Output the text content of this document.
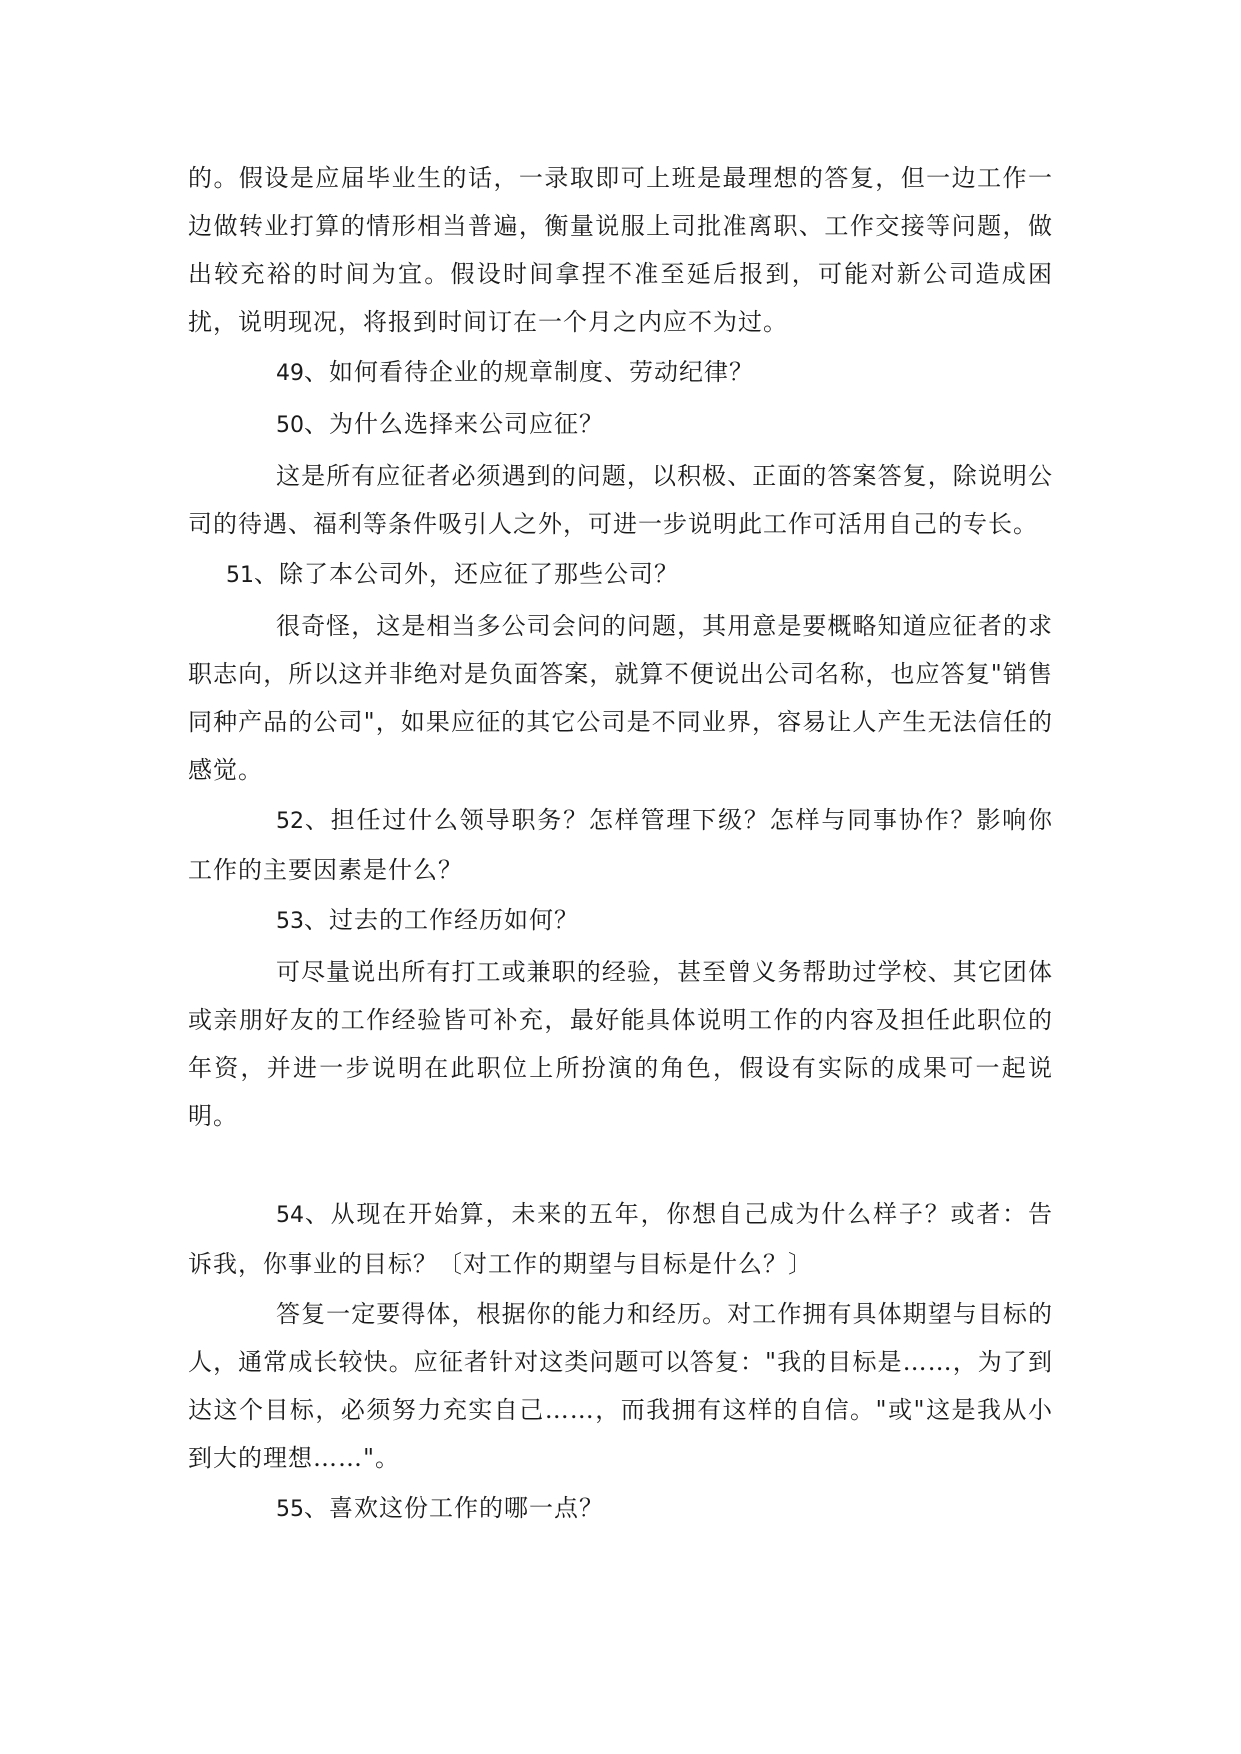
的。假设是应届毕业生的话，一录取即可上班是最理想的答复，但一边工作一边做转业打算的情形相当普遍，衡量说服上司批准离职、工作交接等问题，做出较充裕的时间为宜。假设时间拿捏不准至延后报到，可能对新公司造成困扰，说明现况，将报到时间订在一个月之内应不为过。

49、如何看待企业的规章制度、劳动纪律？

50、为什么选择来公司应征？

这是所有应征者必须遇到的问题，以积极、正面的答案答复，除说明公司的待遇、福利等条件吸引人之外，可进一步说明此工作可活用自己的专长。

51、除了本公司外，还应征了那些公司？

很奇怪，这是相当多公司会问的问题，其用意是要概略知道应征者的求职志向，所以这并非绝对是负面答案，就算不便说出公司名称，也应答复"销售同种产品的公司"，如果应征的其它公司是不同业界，容易让人产生无法信任的感觉。

52、担任过什么领导职务？怎样管理下级？怎样与同事协作？影响你工作的主要因素是什么？

53、过去的工作经历如何？

可尽量说出所有打工或兼职的经验，甚至曾义务帮助过学校、其它团体或亲朋好友的工作经验皆可补充，最好能具体说明工作的内容及担任此职位的年资，并进一步说明在此职位上所扮演的角色，假设有实际的成果可一起说明。

54、从现在开始算，未来的五年，你想自己成为什么样子？或者：告诉我，你事业的目标？〔对工作的期望与目标是什么？〕

答复一定要得体，根据你的能力和经历。对工作拥有具体期望与目标的人，通常成长较快。应征者针对这类问题可以答复："我的目标是……，为了到达这个目标，必须努力充实自己……，而我拥有这样的自信。"或"这是我从小到大的理想……"。

55、喜欢这份工作的哪一点？
